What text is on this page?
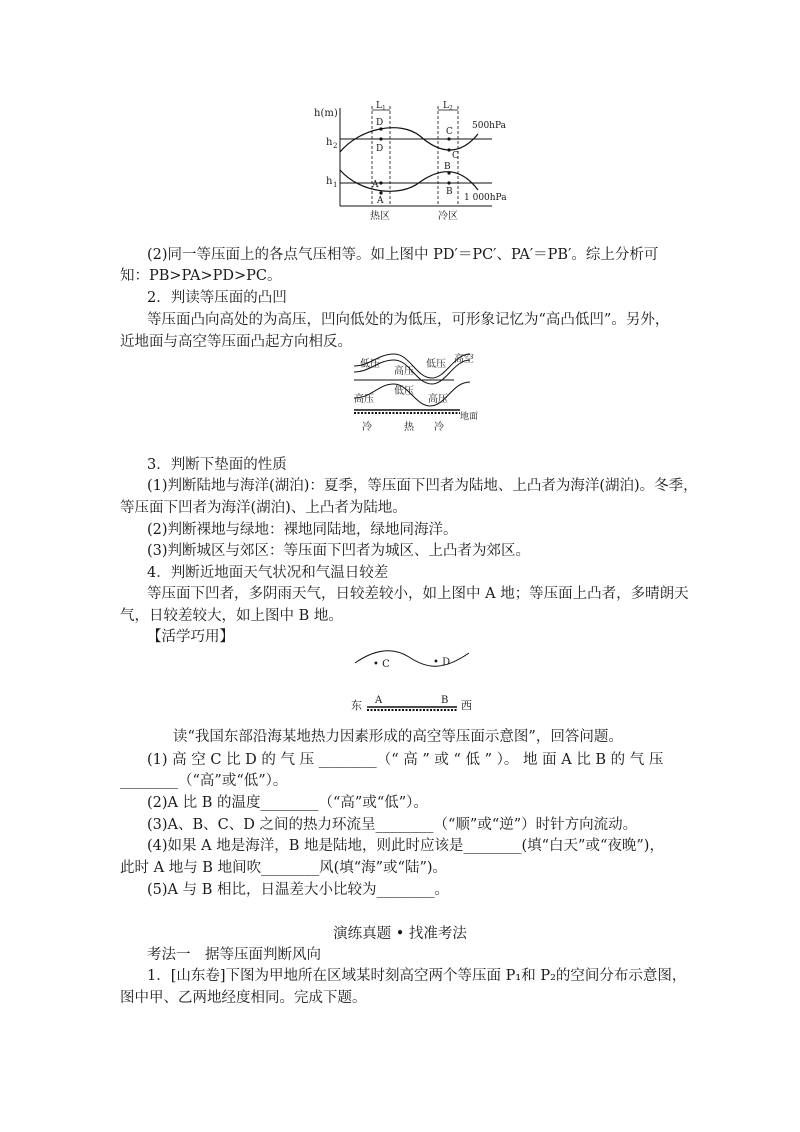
h(m)
h 2
h 1
L 1	L 2
D
D
C
C
B
B
A
A
500hPa
1 000hPa
热区	冷区
(2)同一等压面上的各点气压相等。如上图中 PD′＝PC′、PA′＝PB′。综上分析可
知：PB>PA>PD>PC。
2．判读等压面的凸凹
等压面凸向高处的为高压，凹向低处的为低压，可形象记忆为“高凸低凹”。另外，
近地面与高空等压面凸起方向相反。
低压
高压
低压 高空
高压
低压
高压
地面
冷	热 冷
3．判断下垫面的性质
(1)判断陆地与海洋(湖泊)：夏季，等压面下凹者为陆地、上凸者为海洋(湖泊)。冬季，
等压面下凹者为海洋(湖泊)、上凸者为陆地。
(2)判断裸地与绿地：裸地同陆地，绿地同海洋。
(3)判断城区与郊区：等压面下凹者为城区、上凸者为郊区。
4．判断近地面天气状况和气温日较差
等压面下凹者，多阴雨天气，日较差较小，如上图中 A 地；等压面上凸者，多晴朗天
气，日较差较大，如上图中 B 地。
【活学巧用】
• C	• D
东 A	B 西
读“我国东部沿海某地热力因素形成的高空等压面示意图”，回答问题。
(1) 高 空 C 比 D 的 气 压 ________（“ 高 ” 或 “ 低 ” ）。 地 面 A 比 B 的 气 压
________（“高”或“低”）。
(2)A 比 B 的温度________（“高”或“低”）。
(3)A、B、C、D 之间的热力环流呈________（“顺”或“逆”）时针方向流动。
(4)如果 A 地是海洋，B 地是陆地，则此时应该是________(填“白天”或“夜晚”)，
此时 A 地与 B 地间吹________风(填“海”或“陆”)。
(5)A 与 B 相比，日温差大小比较为________。
演练真题 • 找准考法
考法一　据等压面判断风向
1．[山东卷]下图为甲地所在区域某时刻高空两个等压面 P₁和 P₂的空间分布示意图，
图中甲、乙两地经度相同。完成下题。
